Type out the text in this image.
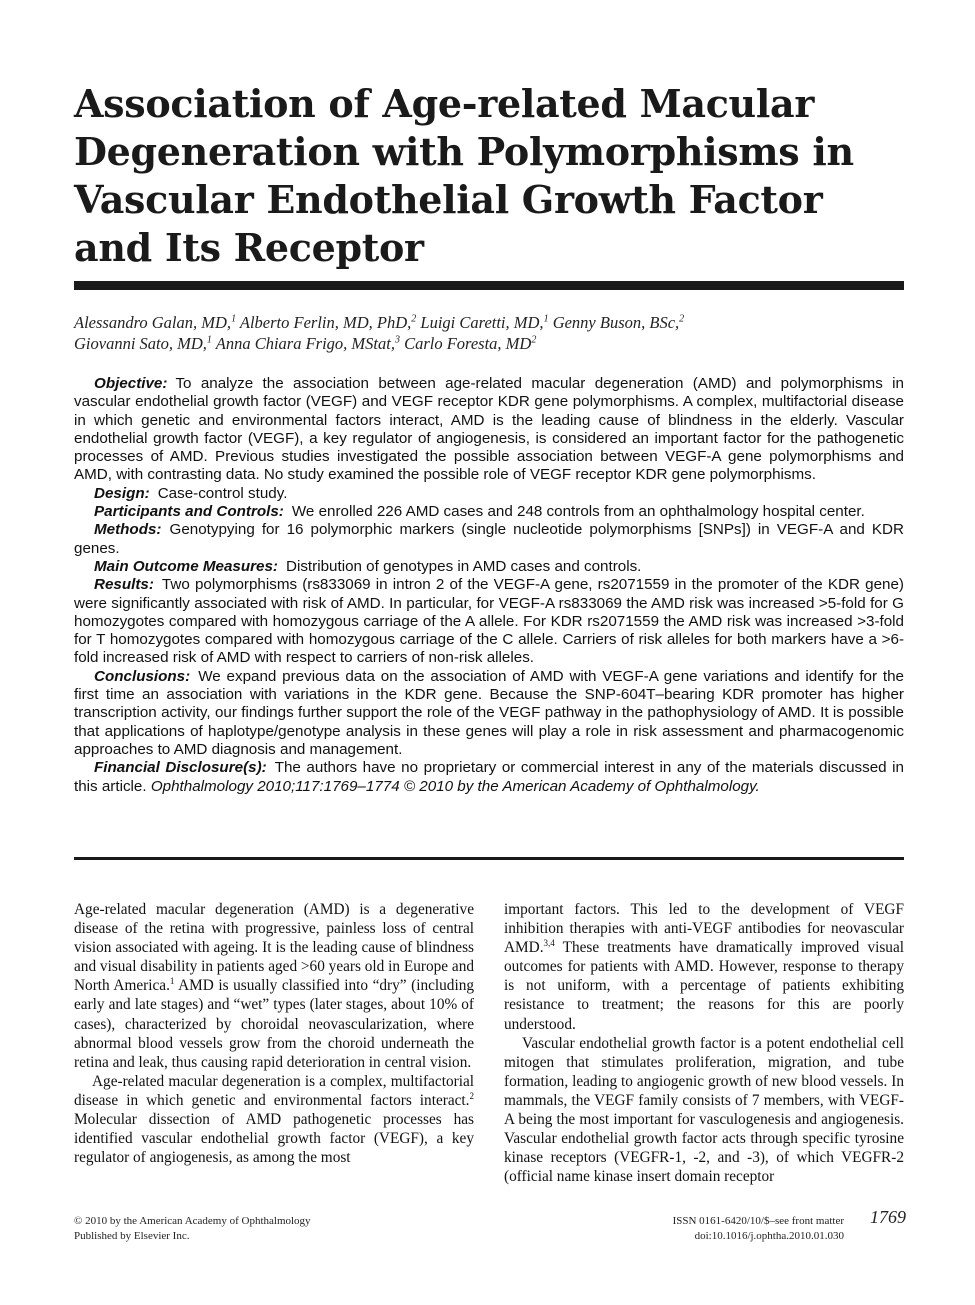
Association of Age-related Macular Degeneration with Polymorphisms in Vascular Endothelial Growth Factor and Its Receptor
Alessandro Galan, MD,$^1$ Alberto Ferlin, MD, PhD,$^2$ Luigi Caretti, MD,$^1$ Genny Buson, BSc,$^2$
Giovanni Sato, MD,$^1$ Anna Chiara Frigo, MStat,$^3$ Carlo Foresta, $MD^2$

Objective: To analyze the association between age-related macular degeneration (AMD) and polymorphisms in vascular endothelial growth factor (VEGF) and VEGF receptor KDR gene polymorphisms. A complex, multifactorial disease in which genetic and environmental factors interact, AMD is the leading cause of blindness in the elderly. Vascular endothelial growth factor (VEGF), a key regulator of angiogenesis, is considered an important factor for the pathogenetic processes of AMD. Previous studies investigated the possible association between VEGF-A gene polymorphisms and AMD, with contrasting data. No study examined the possible role of VEGF receptor KDR gene polymorphisms.

Design: Case-control study.

Participants and Controls: We enrolled 226 AMD cases and 248 controls from an ophthalmology hospital center.

Methods: Genotypying for 16 polymorphic markers (single nucleotide polymorphisms [SNPs]) in VEGF-A and KDR genes.

Main Outcome Measures: Distribution of genotypes in AMD cases and controls.

Results: Two polymorphisms (rs833069 in intron 2 of the VEGF-A gene, rs2071559 in the promoter of the KDR gene) were significantly associated with risk of AMD. In particular, for VEGF-A rs833069 the AMD risk was increased >5-fold for G homozygotes compared with homozygous carriage of the A allele. For KDR rs2071559 the AMD risk was increased >3-fold for T homozygotes compared with homozygous carriage of the C allele. Carriers of risk alleles for both markers have a >6-fold increased risk of AMD with respect to carriers of non-risk alleles.

Conclusions: We expand previous data on the association of AMD with VEGF-A gene variations and identify for the first time an association with variations in the KDR gene. Because the SNP-604T–bearing KDR promoter has higher transcription activity, our findings further support the role of the VEGF pathway in the pathophysiology of AMD. It is possible that applications of haplotype/genotype analysis in these genes will play a role in risk assessment and pharmacogenomic approaches to AMD diagnosis and management.

Financial Disclosure(s): The authors have no proprietary or commercial interest in any of the materials discussed in this article. Ophthalmology 2010;117:1769–1774 © 2010 by the American Academy of Ophthalmology.

Age-related macular degeneration (AMD) is a degenerative disease of the retina with progressive, painless loss of central vision associated with ageing. It is the leading cause of blindness and visual disability in patients aged >60 years old in Europe and North America.$^1$ AMD is usually classified into “dry” (including early and late stages) and “wet” types (later stages, about 10% of cases), characterized by choroidal neovascularization, where abnormal blood vessels grow from the choroid underneath the retina and leak, thus causing rapid deterioration in central vision.

Age-related macular degeneration is a complex, multifactorial disease in which genetic and environmental factors interact.$^2$ Molecular dissection of AMD pathogenetic processes has identified vascular endothelial growth factor (VEGF), a key regulator of angiogenesis, as among the most

important factors. This led to the development of VEGF inhibition therapies with anti-VEGF antibodies for neovascular AMD.$^{3,4}$ These treatments have dramatically improved visual outcomes for patients with AMD. However, response to therapy is not uniform, with a percentage of patients exhibiting resistance to treatment; the reasons for this are poorly understood.

Vascular endothelial growth factor is a potent endothelial cell mitogen that stimulates proliferation, migration, and tube formation, leading to angiogenic growth of new blood vessels. In mammals, the VEGF family consists of 7 members, with VEGF-A being the most important for vasculogenesis and angiogenesis. Vascular endothelial growth factor acts through specific tyrosine kinase receptors (VEGFR-1, -2, and -3), of which VEGFR-2 (official name kinase insert domain receptor

© 2010 by the American Academy of Ophthalmology
Published by Elsevier Inc.
ISSN 0161-6420/10/$–see front matter
doi:10.1016/j.ophtha.2010.01.030
1769
